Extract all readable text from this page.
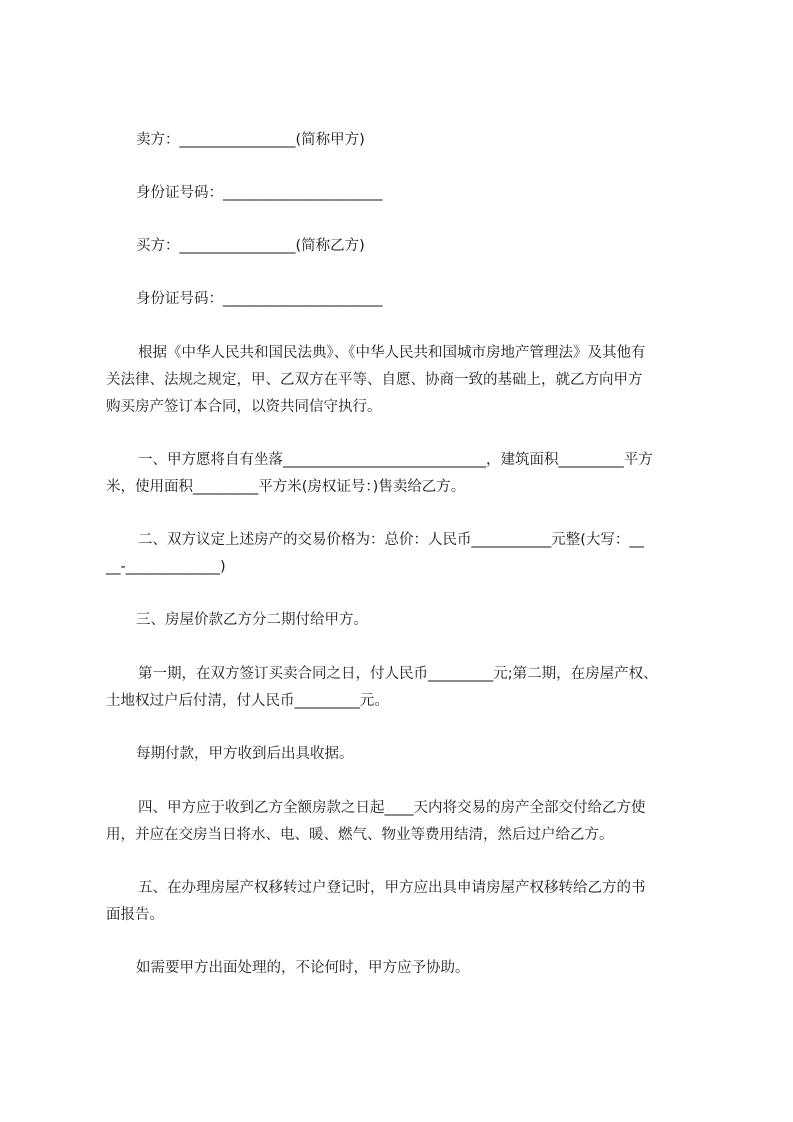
卖方：________________(简称甲方)
身份证号码：______________________
买方：________________(简称乙方)
身份证号码：______________________
根据《中华人民共和国民法典》、《中华人民共和国城市房地产管理法》及其他有
关法律、法规之规定，甲、乙双方在平等、自愿、协商一致的基础上，就乙方向甲方
购买房产签订本合同，以资共同信守执行。
一、甲方愿将自有坐落____________________________，建筑面积_________平方
米，使用面积_________平方米(房权证号：)售卖给乙方。
二、双方议定上述房产的交易价格为：总价：人民币___________元整(大写：__
__-_____________)
三、房屋价款乙方分二期付给甲方。
第一期，在双方签订买卖合同之日，付人民币_________元;第二期，在房屋产权、
土地权过户后付清，付人民币_________元。
每期付款，甲方收到后出具收据。
四、甲方应于收到乙方全额房款之日起____天内将交易的房产全部交付给乙方使
用，并应在交房当日将水、电、暖、燃气、物业等费用结清，然后过户给乙方。
五、在办理房屋产权移转过户登记时，甲方应出具申请房屋产权移转给乙方的书
面报告。
如需要甲方出面处理的，不论何时，甲方应予协助。
